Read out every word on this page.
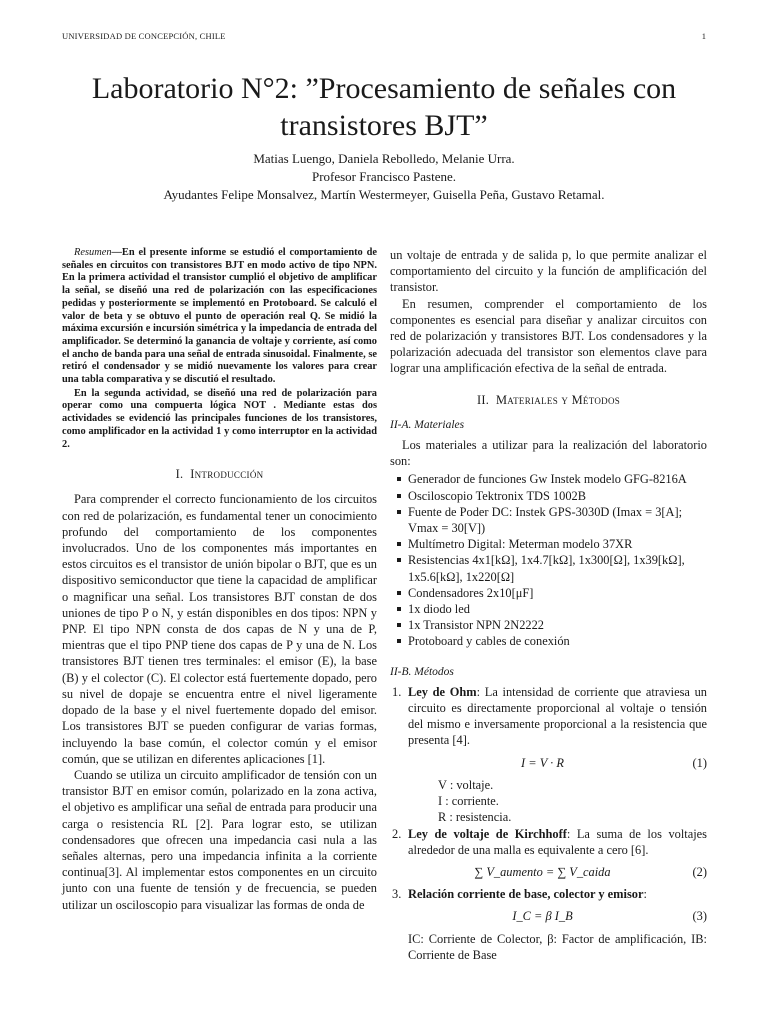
UNIVERSIDAD DE CONCEPCIÓN, CHILE	1
Laboratorio N°2: ”Procesamiento de señales con transistores BJT”
Matias Luengo, Daniela Rebolledo, Melanie Urra.
Profesor Francisco Pastene.
Ayudantes Felipe Monsalvez, Martín Westermeyer, Guisella Peña, Gustavo Retamal.

Resumen—En el presente informe se estudió el comportamiento de señales en circuitos con transistores BJT en modo activo de tipo NPN. En la primera actividad el transistor cumplió el objetivo de amplificar la señal, se diseñó una red de polarización con las especificaciones pedidas y posteriormente se implementó en Protoboard. Se calculó el valor de beta y se obtuvo el punto de operación real Q. Se midió la máxima excursión e incursión simétrica y la impedancia de entrada del amplificador. Se determinó la ganancia de voltaje y corriente, así como el ancho de banda para una señal de entrada sinusoidal. Finalmente, se retiró el condensador y se midió nuevamente los valores para crear una tabla comparativa y se discutió el resultado.

En la segunda actividad, se diseñó una red de polarización para operar como una compuerta lógica NOT . Mediante estas dos actividades se evidenció las principales funciones de los transistores, como amplificador en la actividad 1 y como interruptor en la actividad 2.

I. Introducción

Para comprender el correcto funcionamiento de los circuitos con red de polarización, es fundamental tener un conocimiento profundo del comportamiento de los componentes involucrados. Uno de los componentes más importantes en estos circuitos es el transistor de unión bipolar o BJT, que es un dispositivo semiconductor que tiene la capacidad de amplificar o magnificar una señal. Los transistores BJT constan de dos uniones de tipo P o N, y están disponibles en dos tipos: NPN y PNP. El tipo NPN consta de dos capas de N y una de P, mientras que el tipo PNP tiene dos capas de P y una de N. Los transistores BJT tienen tres terminales: el emisor (E), la base (B) y el colector (C). El colector está fuertemente dopado, pero su nivel de dopaje se encuentra entre el nivel ligeramente dopado de la base y el nivel fuertemente dopado del emisor. Los transistores BJT se pueden configurar de varias formas, incluyendo la base común, el colector común y el emisor común, que se utilizan en diferentes aplicaciones [1].

Cuando se utiliza un circuito amplificador de tensión con un transistor BJT en emisor común, polarizado en la zona activa, el objetivo es amplificar una señal de entrada para producir una carga o resistencia RL [2]. Para lograr esto, se utilizan condensadores que ofrecen una impedancia casi nula a las señales alternas, pero una impedancia infinita a la corriente continua[3]. Al implementar estos componentes en un circuito junto con una fuente de tensión y de frecuencia, se pueden utilizar un osciloscopio para visualizar las formas de onda de

un voltaje de entrada y de salida p, lo que permite analizar el comportamiento del circuito y la función de amplificación del transistor.

En resumen, comprender el comportamiento de los componentes es esencial para diseñar y analizar circuitos con red de polarización y transistores BJT. Los condensadores y la polarización adecuada del transistor son elementos clave para lograr una amplificación efectiva de la señal de entrada.

II. Materiales y Métodos
II-A. Materiales

Los materiales a utilizar para la realización del laboratorio son:

Generador de funciones Gw Instek modelo GFG-8216A
Osciloscopio Tektronix TDS 1002B
Fuente de Poder DC: Instek GPS-3030D (Imax = 3[A]; Vmax = 30[V])
Multímetro Digital: Meterman modelo 37XR
Resistencias 4x1[kΩ], 1x4.7[kΩ], 1x300[Ω], 1x39[kΩ], 1x5.6[kΩ], 1x220[Ω]
Condensadores 2x10[μF]
1x diodo led
1x Transistor NPN 2N2222
Protoboard y cables de conexión
II-B. Métodos
1. Ley de Ohm: La intensidad de corriente que atraviesa un circuito es directamente proporcional al voltaje o tensión del mismo e inversamente proporcional a la resistencia que presenta [4].
I = V · R	(1)
V : voltaje.
I : corriente.
R : resistencia.
2. Ley de voltaje de Kirchhoff: La suma de los voltajes alrededor de una malla es equivalente a cero [6].
∑ V_aumento = ∑ V_caida	(2)
3. Relación corriente de base, colector y emisor:
I_C = β I_B	(3)
IC: Corriente de Colector, β: Factor de amplificación, IB: Corriente de Base
